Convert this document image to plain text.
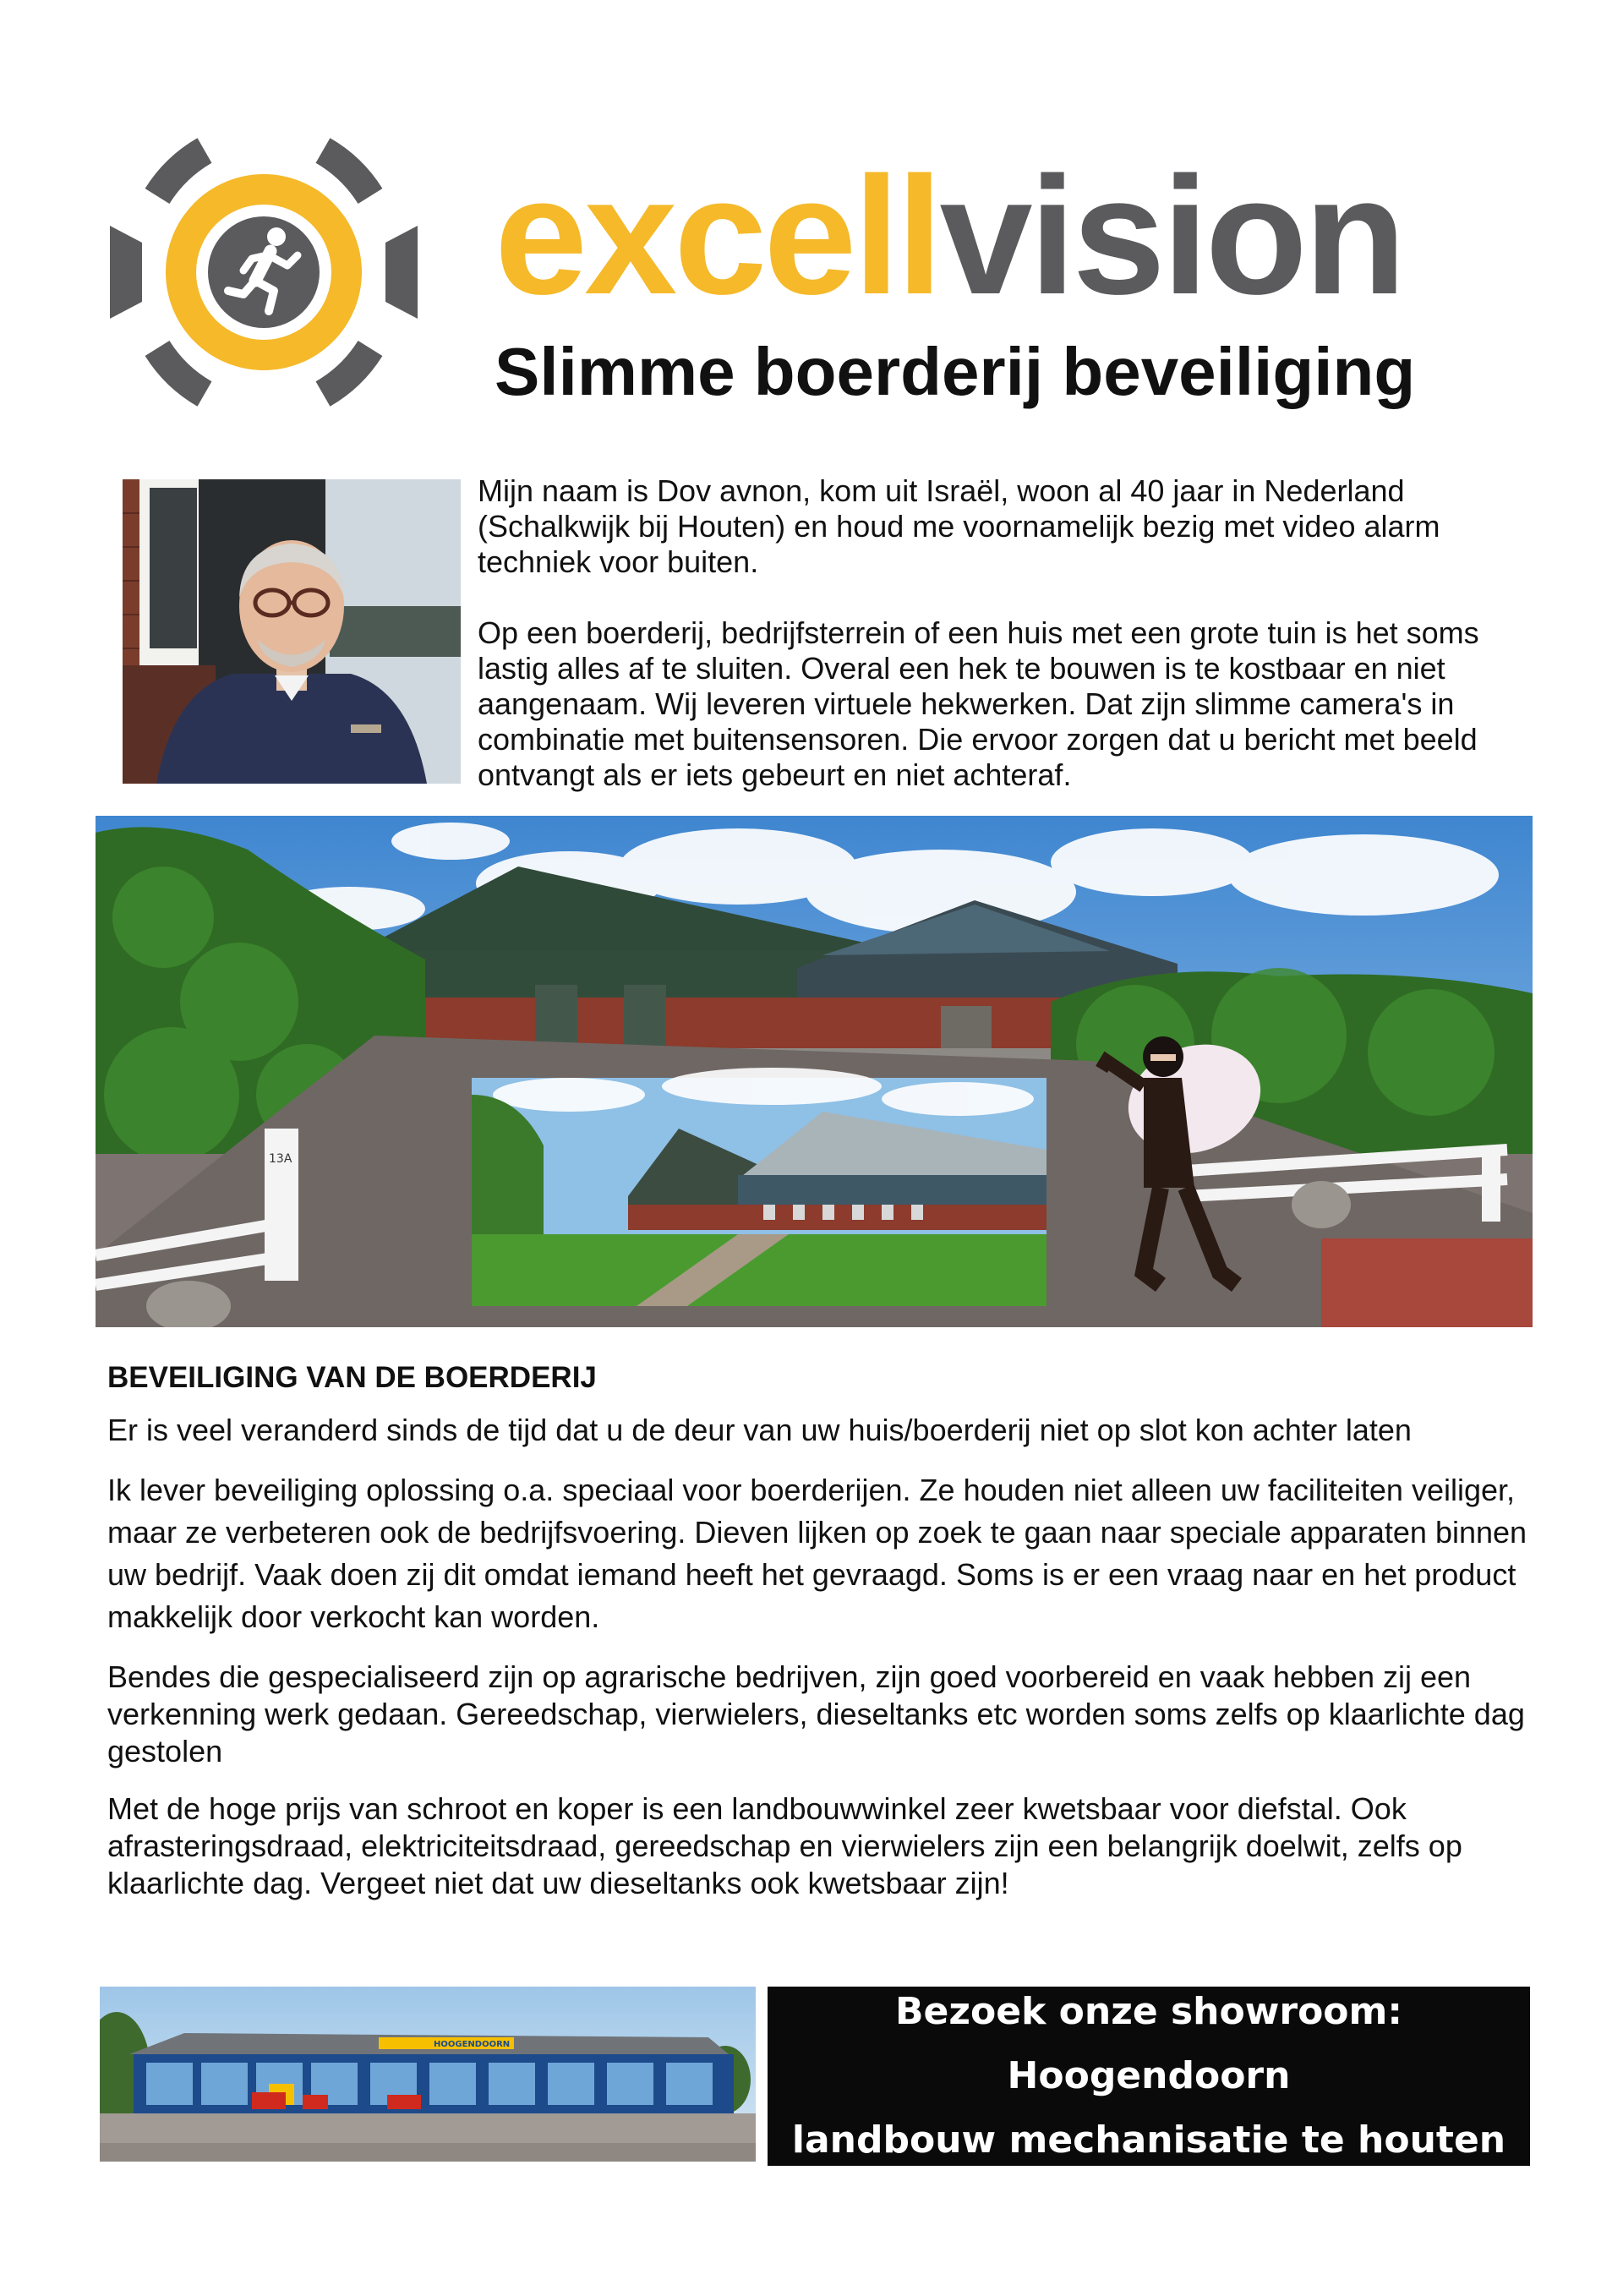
excellvision
Slimme boerderij beveiliging

Mijn naam is Dov avnon, kom uit Israël, woon al 40 jaar in Nederland (Schalkwijk bij Houten) en houd me voornamelijk bezig met video alarm techniek voor buiten.

Op een boerderij, bedrijfsterrein of een huis met een grote tuin is het soms lastig alles af te sluiten. Overal een hek te bouwen is te kostbaar en niet aangenaam. Wij leveren virtuele hekwerken. Dat zijn slimme camera's in combinatie met buitensensoren. Die ervoor zorgen dat u bericht met beeld ontvangt als er iets gebeurt en niet achteraf.

13A
BEVEILIGING VAN DE BOERDERIJ

Er is veel veranderd sinds de tijd dat u de deur van uw huis/boerderij niet op slot kon achter laten

Ik lever beveiliging oplossing o.a. speciaal voor boerderijen. Ze houden niet alleen uw faciliteiten veiliger, maar ze verbeteren ook de bedrijfsvoering. Dieven lijken op zoek te gaan naar speciale apparaten binnen uw bedrijf. Vaak doen zij dit omdat iemand heeft het gevraagd. Soms is er een vraag naar en het product makkelijk door verkocht kan worden.

Bendes die gespecialiseerd zijn op agrarische bedrijven, zijn goed voorbereid en vaak hebben zij een verkenning werk gedaan. Gereedschap, vierwielers, dieseltanks etc worden soms zelfs op klaarlichte dag gestolen

Met de hoge prijs van schroot en koper is een landbouwwinkel zeer kwetsbaar voor diefstal. Ook afrasteringsdraad, elektriciteitsdraad, gereedschap en vierwielers zijn een belangrijk doelwit, zelfs op klaarlichte dag. Vergeet niet dat uw dieseltanks ook kwetsbaar zijn!

HOOGENDOORN
Bezoek onze showroom: Hoogendoorn
landbouw mechanisatie te houten
